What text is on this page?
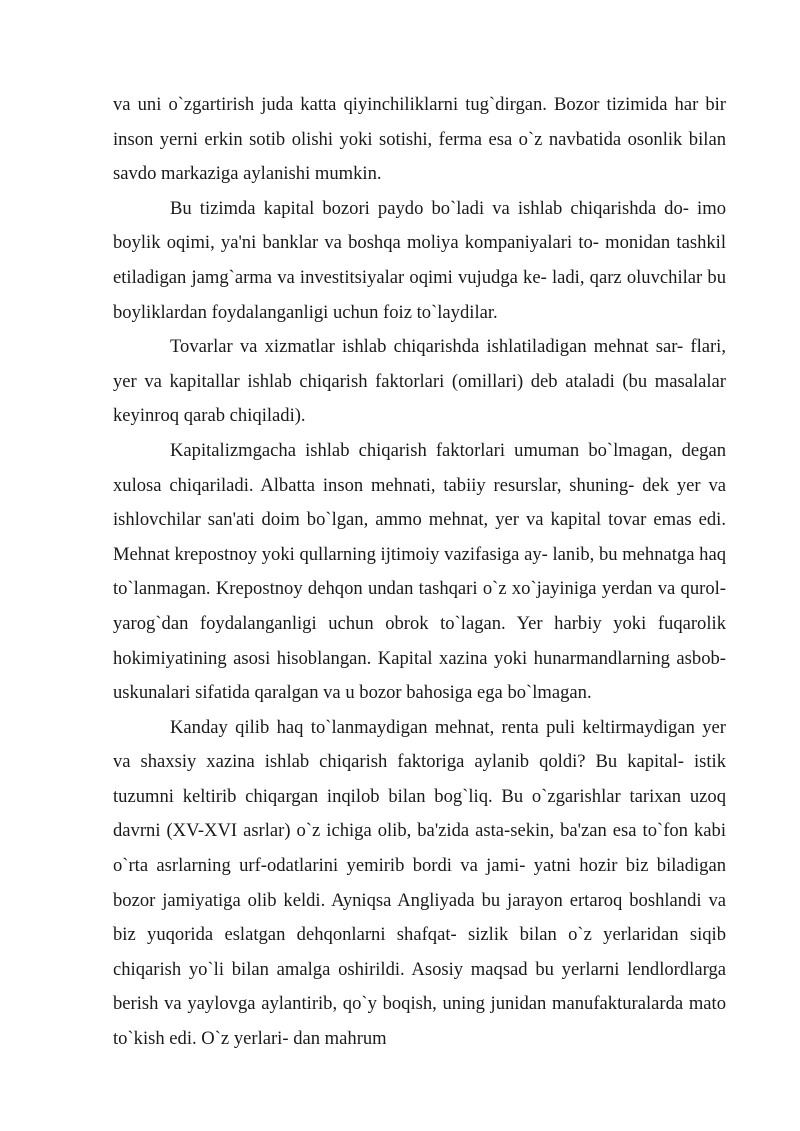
va uni o`zgartirish juda katta qiyinchiliklarni tug`dirgan. Bozor tizimida har bir inson yerni erkin sotib olishi yoki sotishi, ferma esa o`z navbatida osonlik bilan savdo markaziga aylanishi mumkin.

Bu tizimda kapital bozori paydo bo`ladi va ishlab chiqarishda do- imo boylik oqimi, ya'ni banklar va boshqa moliya kompaniyalari to- monidan tashkil etiladigan jamg`arma va investitsiyalar oqimi vujudga ke- ladi, qarz oluvchilar bu boyliklardan foydalanganligi uchun foiz to`laydilar.

Tovarlar va xizmatlar ishlab chiqarishda ishlatiladigan mehnat sar- flari, yer va kapitallar ishlab chiqarish faktorlari (omillari) deb ataladi (bu masalalar keyinroq qarab chiqiladi).

Kapitalizmgacha ishlab chiqarish faktorlari umuman bo`lmagan, degan xulosa chiqariladi. Albatta inson mehnati, tabiiy resurslar, shuning- dek yer va ishlovchilar san'ati doim bo`lgan, ammo mehnat, yer va kapital tovar emas edi. Mehnat krepostnoy yoki qullarning ijtimoiy vazifasiga ay- lanib, bu mehnatga haq to`lanmagan. Krepostnoy dehqon undan tashqari o`z xo`jayiniga yerdan va qurol-yarog`dan foydalanganligi uchun obrok to`lagan. Yer harbiy yoki fuqarolik hokimiyatining asosi hisoblangan. Kapital xazina yoki hunarmandlarning asbob-uskunalari sifatida qaralgan va u bozor bahosiga ega bo`lmagan.

Kanday qilib haq to`lanmaydigan mehnat, renta puli keltirmaydigan yer va shaxsiy xazina ishlab chiqarish faktoriga aylanib qoldi? Bu kapital- istik tuzumni keltirib chiqargan inqilob bilan bog`liq. Bu o`zgarishlar tarixan uzoq davrni (XV-XVI asrlar) o`z ichiga olib, ba'zida asta-sekin, ba'zan esa to`fon kabi o`rta asrlarning urf-odatlarini yemirib bordi va jami- yatni hozir biz biladigan bozor jamiyatiga olib keldi. Ayniqsa Angliyada bu jarayon ertaroq boshlandi va biz yuqorida eslatgan dehqonlarni shafqat- sizlik bilan o`z yerlaridan siqib chiqarish yo`li bilan amalga oshirildi. Asosiy maqsad bu yerlarni lendlordlarga berish va yaylovga aylantirib, qo`y boqish, uning junidan manufakturalarda mato to`kish edi. O`z yerlari- dan mahrum
